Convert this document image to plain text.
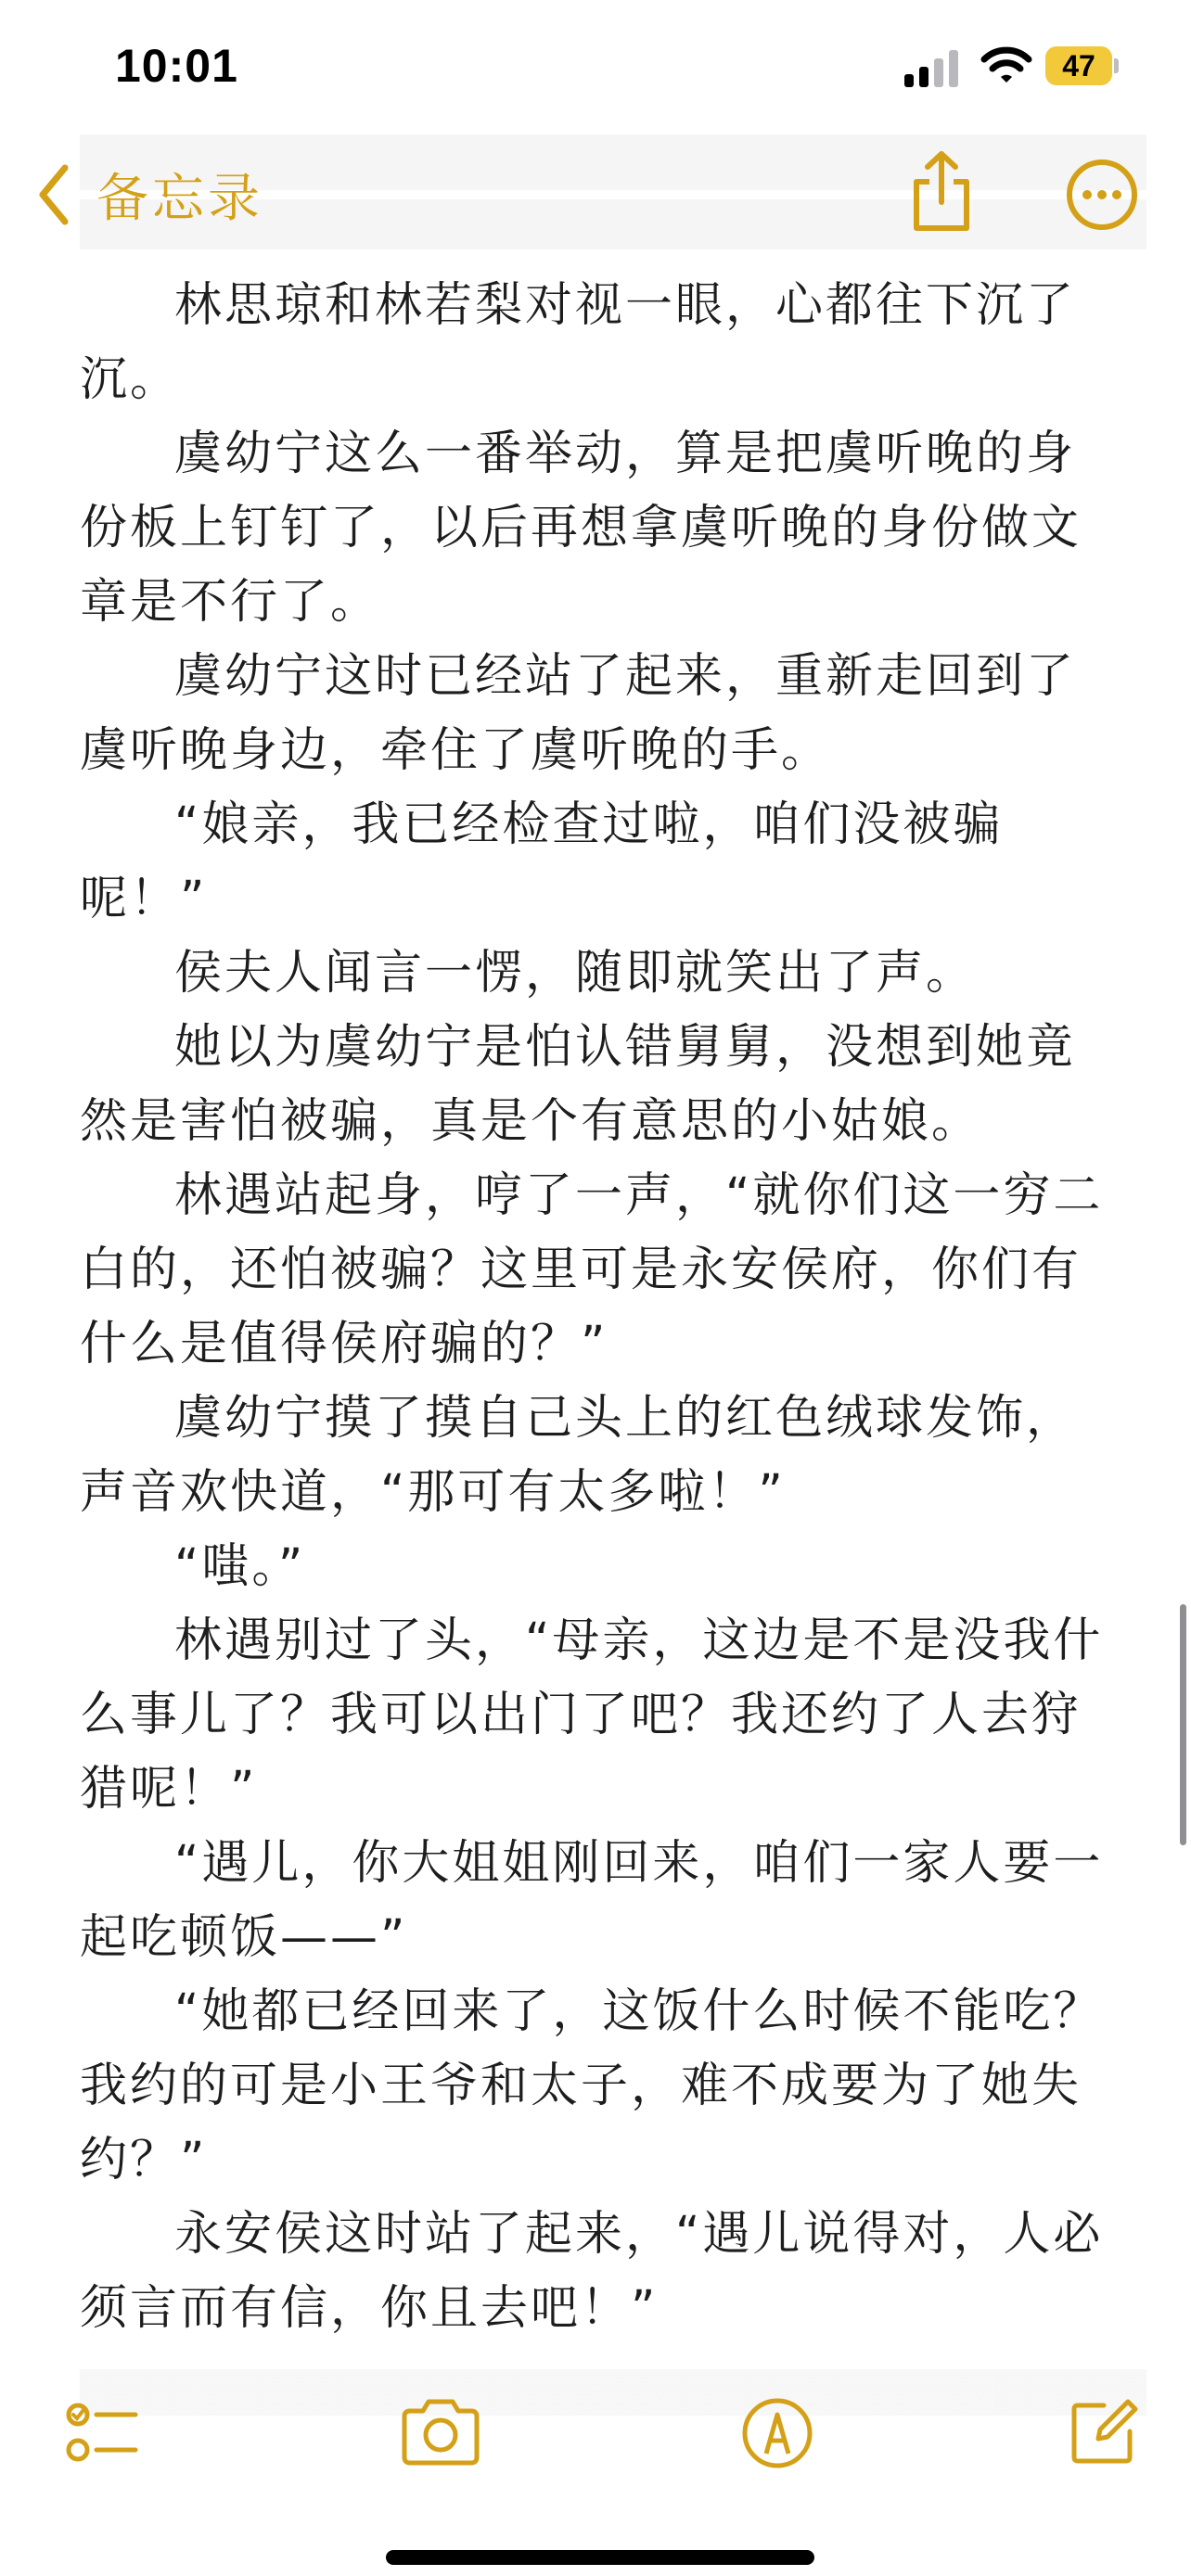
10:01	47
备忘录

林思琼和林若梨对视一眼，心都往下沉了沉。

虞幼宁这么一番举动，算是把虞听晚的身份板上钉钉了，以后再想拿虞听晚的身份做文章是不行了。

虞幼宁这时已经站了起来，重新走回到了虞听晚身边，牵住了虞听晚的手。

“娘亲，我已经检查过啦，咱们没被骗呢！”

侯夫人闻言一愣，随即就笑出了声。

她以为虞幼宁是怕认错舅舅，没想到她竟然是害怕被骗，真是个有意思的小姑娘。

林遇站起身，哼了一声，“就你们这一穷二白的，还怕被骗？这里可是永安侯府，你们有什么是值得侯府骗的？”

虞幼宁摸了摸自己头上的红色绒球发饰，声音欢快道，“那可有太多啦！”

“嗤。”

林遇别过了头，“母亲，这边是不是没我什么事儿了？我可以出门了吧？我还约了人去狩猎呢！”

“遇儿，你大姐姐刚回来，咱们一家人要一起吃顿饭——”

“她都已经回来了，这饭什么时候不能吃？我约的可是小王爷和太子，难不成要为了她失约？”

永安侯这时站了起来，“遇儿说得对，人必须言而有信，你且去吧！”
